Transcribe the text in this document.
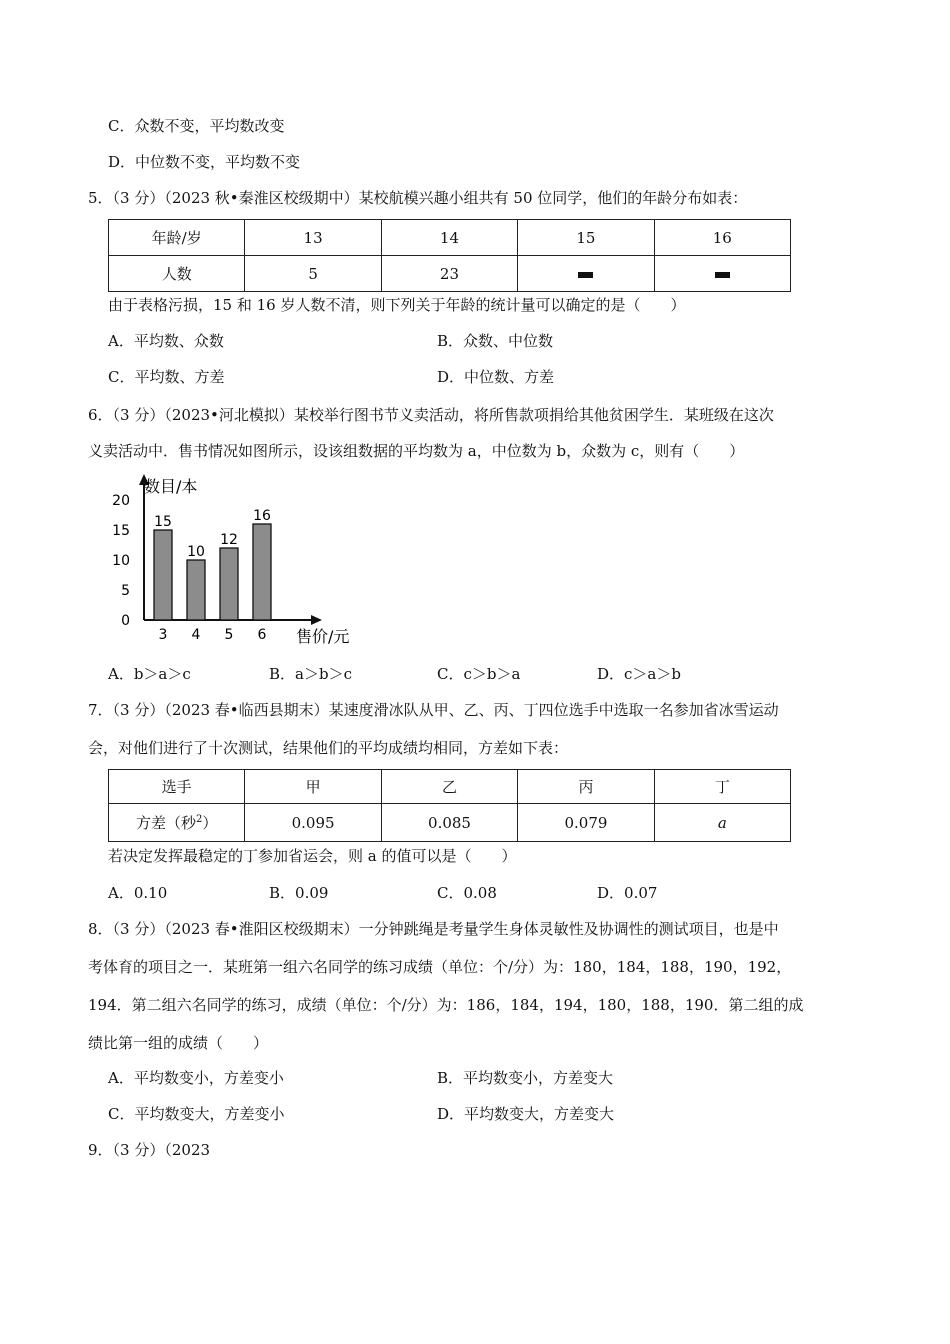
C．众数不变，平均数改变
D．中位数不变，平均数不变
5．（3 分）（2023 秋•秦淮区校级期中）某校航模兴趣小组共有 50 位同学，他们的年龄分布如表：
年龄/岁	13	14	15	16
人数	5	23		
由于表格污损，15 和 16 岁人数不清，则下列关于年龄的统计量可以确定的是（　　）
A．平均数、众数	B．众数、中位数
C．平均数、方差	D．中位数、方差
6．（3 分）（2023•河北模拟）某校举行图书节义卖活动，将所售款项捐给其他贫困学生．某班级在这次
义卖活动中．售书情况如图所示，设该组数据的平均数为 a，中位数为 b，众数为 c，则有（　　）
15
3
10
4
12
5
16
6
0
5
10
15
20
数目/本
售价/元
A．b＞a＞c	B．a＞b＞c	C．c＞b＞a	D．c＞a＞b
7．（3 分）（2023 春•临西县期末）某速度滑冰队从甲、乙、丙、丁四位选手中选取一名参加省冰雪运动
会，对他们进行了十次测试，结果他们的平均成绩均相同，方差如下表：
选手	甲	乙	丙	丁
方差（秒$^2$）	0.095	0.085	0.079	a
若决定发挥最稳定的丁参加省运会，则 a 的值可以是（　　）
A．0.10	B．0.09	C．0.08	D．0.07
8．（3 分）（2023 春•淮阳区校级期末）一分钟跳绳是考量学生身体灵敏性及协调性的测试项目，也是中
考体育的项目之一．某班第一组六名同学的练习成绩（单位：个/分）为：180，184，188，190，192，
194．第二组六名同学的练习，成绩（单位：个/分）为：186，184，194，180，188，190．第二组的成
绩比第一组的成绩（　　）
A．平均数变小，方差变小	B．平均数变小，方差变大
C．平均数变大，方差变小	D．平均数变大，方差变大
9．（3 分）（2023
